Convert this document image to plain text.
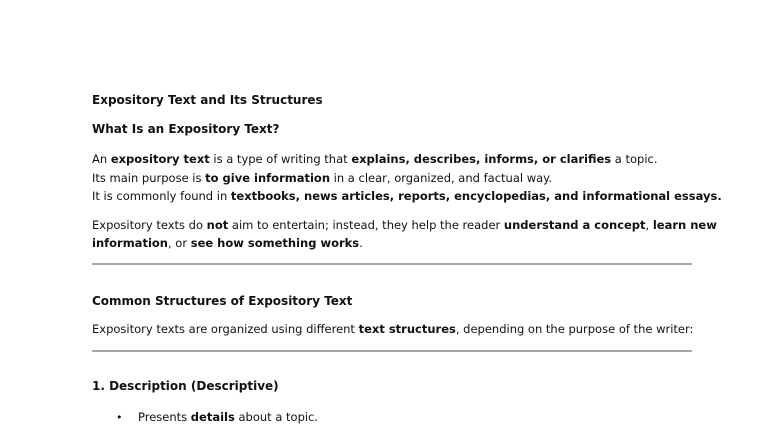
Expository Text and Its Structures
What Is an Expository Text?
An expository text is a type of writing that explains, describes, informs, or clarifies a topic.
Its main purpose is to give information in a clear, organized, and factual way.
It is commonly found in textbooks, news articles, reports, encyclopedias, and informational essays.
Expository texts do not aim to entertain; instead, they help the reader understand a concept, learn new
information, or see how something works.
Common Structures of Expository Text
Expository texts are organized using different text structures, depending on the purpose of the writer:
1. Description (Descriptive)
• Presents details about a topic.
